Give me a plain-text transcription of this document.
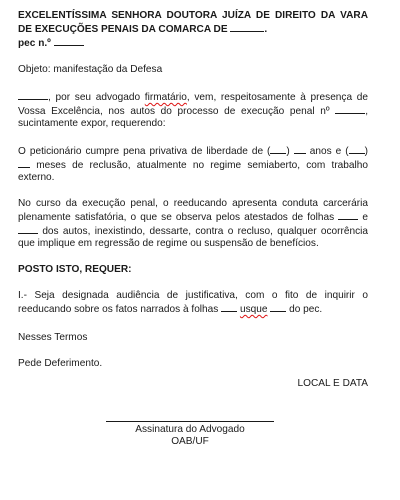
EXCELENTÍSSIMA SENHORA DOUTORA JUÍZA DE DIREITO DA VARA DE EXECUÇÕES PENAIS DA COMARCA DE	.

pec n.º

Objeto: manifestação da Defesa

, por seu advogado firmatário, vem, respeitosamente à presença de Vossa Excelência, nos autos do processo de execução penal nº	, sucintamente expor, requerendo:

O peticionário cumpre pena privativa de liberdade de ( ) anos e ( )  meses de reclusão, atualmente no regime semiaberto, com trabalho externo.

No curso da execução penal, o reeducando apresenta conduta carcerária plenamente satisfatória, o que se observa pelos atestados de folhas	e  dos autos, inexistindo, dessarte, contra o recluso, qualquer ocorrência que implique em regressão de regime ou suspensão de benefícios.

POSTO ISTO, REQUER:

I.- Seja designada audiência de justificativa, com o fito de inquirir o reeducando sobre os fatos narrados à folhas usque do pec.

Nesses Termos

Pede Deferimento.

LOCAL E DATA

Assinatura do Advogado
OAB/UF
